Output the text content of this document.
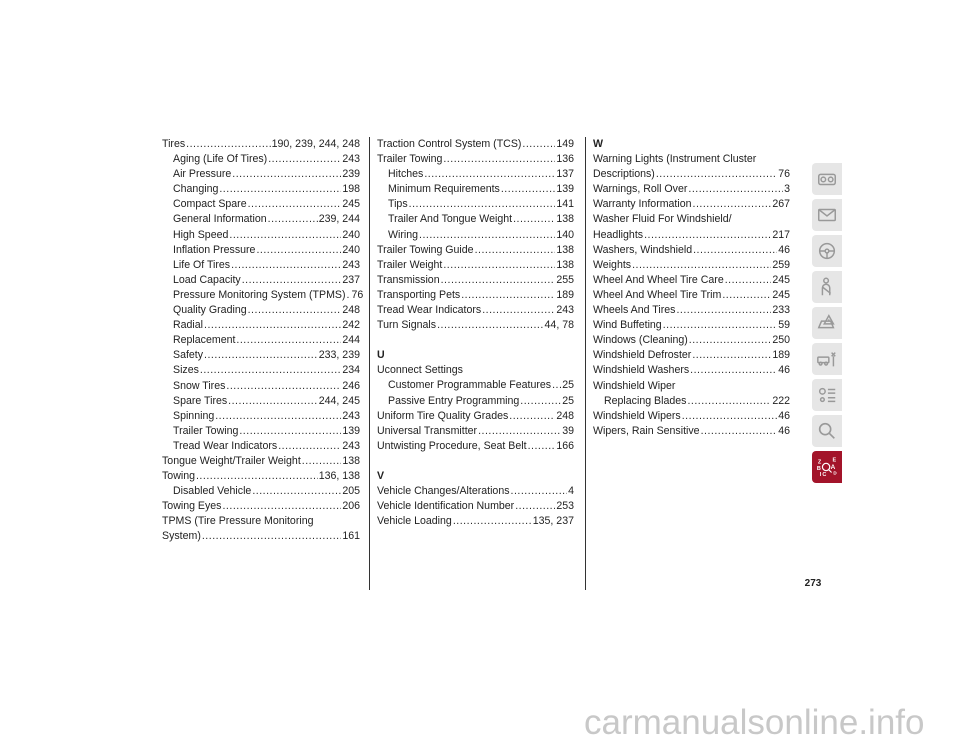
Tires .....	190, 239, 244, 248
Aging (Life Of Tires) .....	243
Air Pressure .....	239
Changing .....	198
Compact Spare .....	245
General Information .....	239, 244
High Speed .....	240
Inflation Pressure .....	240
Life Of Tires .....	243
Load Capacity .....	237
Pressure Monitoring System (TPMS) ..... 76
Quality Grading .....	248
Radial .....	242
Replacement .....	244
Safety .....	233, 239
Sizes .....	234
Snow Tires .....	246
Spare Tires .....	244, 245
Spinning .....	243
Trailer Towing .....	139
Tread Wear Indicators .....	243
Tongue Weight/Trailer Weight .....	138
Towing .....	136, 138
Disabled Vehicle .....	205
Towing Eyes .....	206
TPMS (Tire Pressure Monitoring
System) .....	161
Traction Control System (TCS) .....	149
Trailer Towing .....	136
Hitches .....	137
Minimum Requirements .....	139
Tips .....	141
Trailer And Tongue Weight .....	138
Wiring .....	140
Trailer Towing Guide .....	138
Trailer Weight .....	138
Transmission .....	255
Transporting Pets .....	189
Tread Wear Indicators .....	243
Turn Signals .....	44, 78
U
Uconnect Settings
Customer Programmable Features ..... 25
Passive Entry Programming .....	25
Uniform Tire Quality Grades .....	248
Universal Transmitter .....	39
Untwisting Procedure, Seat Belt .....	166
V
Vehicle Changes/Alterations .....	4
Vehicle Identification Number .....	253
Vehicle Loading .....	135, 237
W
Warning Lights (Instrument Cluster
Descriptions) .....	76
Warnings, Roll Over .....	3
Warranty Information .....	267
Washer Fluid For Windshield/
Headlights .....	217
Washers, Windshield .....	46
Weights .....	259
Wheel And Wheel Tire Care .....	245
Wheel And Wheel Tire Trim .....	245
Wheels And Tires .....	233
Wind Buffeting .....	59
Windows (Cleaning) .....	250
Windshield Defroster .....	189
Windshield Washers .....	46
Windshield Wiper
Replacing Blades .....	222
Windshield Wipers .....	46
Wipers, Rain Sensitive .....	46
Z E
B A
I C D
273
carmanualsonline.info
